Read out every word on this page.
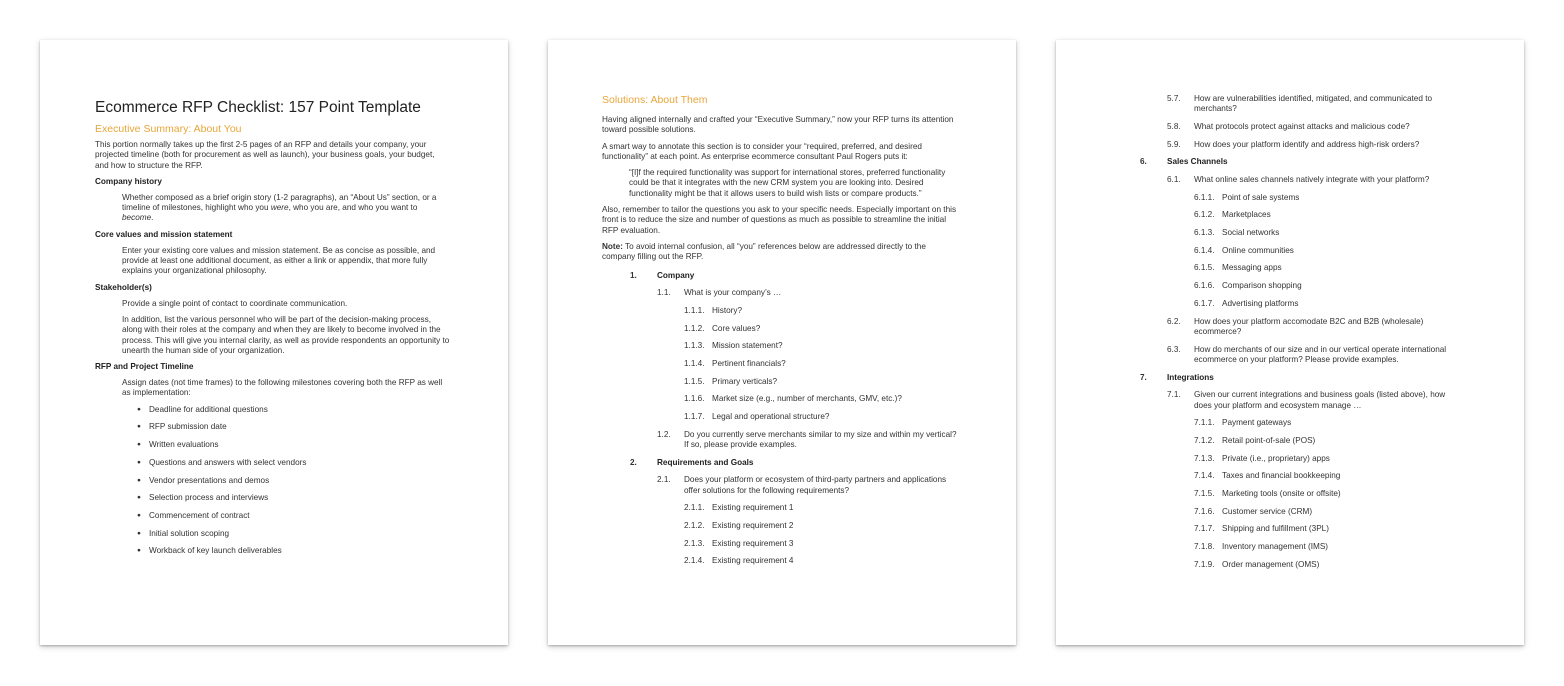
Ecommerce RFP Checklist: 157 Point Template
Executive Summary: About You

This portion normally takes up the first 2-5 pages of an RFP and details your company, your projected timeline (both for procurement as well as launch), your business goals, your budget, and how to structure the RFP.

Company history

Whether composed as a brief origin story (1-2 paragraphs), an “About Us” section, or a timeline of milestones, highlight who you were, who you are, and who you want to become.

Core values and mission statement

Enter your existing core values and mission statement. Be as concise as possible, and provide at least one additional document, as either a link or appendix, that more fully explains your organizational philosophy.

Stakeholder(s)

Provide a single point of contact to coordinate communication.

In addition, list the various personnel who will be part of the decision-making process, along with their roles at the company and when they are likely to become involved in the process. This will give you internal clarity, as well as provide respondents an opportunity to unearth the human side of your organization.

RFP and Project Timeline

Assign dates (not time frames) to the following milestones covering both the RFP as well as implementation:

● Deadline for additional questions
● RFP submission date
● Written evaluations
● Questions and answers with select vendors
● Vendor presentations and demos
● Selection process and interviews
● Commencement of contract
● Initial solution scoping
● Workback of key launch deliverables
Solutions: About Them

Having aligned internally and crafted your “Executive Summary,” now your RFP turns its attention toward possible solutions.

A smart way to annotate this section is to consider your “required, preferred, and desired functionality” at each point. As enterprise ecommerce consultant Paul Rogers puts it:

“[I]f the required functionality was support for international stores, preferred functionality could be that it integrates with the new CRM system you are looking into. Desired functionality might be that it allows users to build wish lists or compare products.”

Also, remember to tailor the questions you ask to your specific needs. Especially important on this front is to reduce the size and number of questions as much as possible to streamline the initial RFP evaluation.

Note: To avoid internal confusion, all “you” references below are addressed directly to the company filling out the RFP.

1.	Company
1.1.	What is your company’s …
1.1.1. History?
1.1.2. Core values?
1.1.3. Mission statement?
1.1.4. Pertinent financials?
1.1.5. Primary verticals?
1.1.6. Market size (e.g., number of merchants, GMV, etc.)?
1.1.7. Legal and operational structure?
1.2.	Do you currently serve merchants similar to my size and within my vertical? If so, please provide examples.
2.	Requirements and Goals
2.1.	Does your platform or ecosystem of third-party partners and applications offer solutions for the following requirements?
2.1.1. Existing requirement 1
2.1.2. Existing requirement 2
2.1.3. Existing requirement 3
2.1.4. Existing requirement 4
5.7.	How are vulnerabilities identified, mitigated, and communicated to merchants?
5.8.	What protocols protect against attacks and malicious code?
5.9.	How does your platform identify and address high-risk orders?
6.	Sales Channels
6.1.	What online sales channels natively integrate with your platform?
6.1.1. Point of sale systems
6.1.2. Marketplaces
6.1.3. Social networks
6.1.4. Online communities
6.1.5. Messaging apps
6.1.6. Comparison shopping
6.1.7. Advertising platforms
6.2.	How does your platform accomodate B2C and B2B (wholesale) ecommerce?
6.3.	How do merchants of our size and in our vertical operate international ecommerce on your platform? Please provide examples.
7.	Integrations
7.1.	Given our current integrations and business goals (listed above), how does your platform and ecosystem manage …
7.1.1. Payment gateways
7.1.2. Retail point-of-sale (POS)
7.1.3. Private (i.e., proprietary) apps
7.1.4. Taxes and financial bookkeeping
7.1.5. Marketing tools (onsite or offsite)
7.1.6. Customer service (CRM)
7.1.7. Shipping and fulfillment (3PL)
7.1.8. Inventory management (IMS)
7.1.9. Order management (OMS)
